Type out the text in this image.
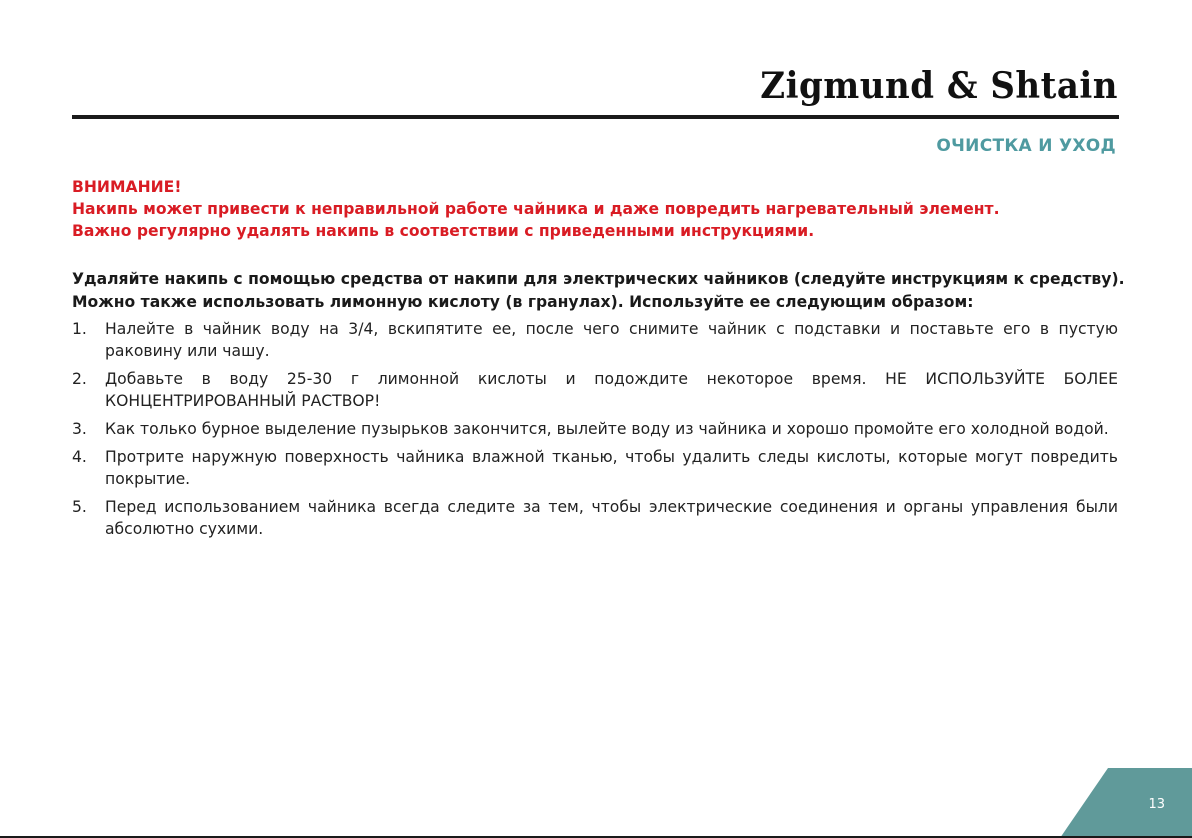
Zigmund & Shtain
ОЧИСТКА И УХОД
ВНИМАНИЕ!
Накипь может привести к неправильной работе чайника и даже повредить нагревательный элемент.
Важно регулярно удалять накипь в соответствии с приведенными инструкциями.
Удаляйте накипь с помощью средства от накипи для электрических чайников (следуйте инструкциям к средству).
Можно также использовать лимонную кислоту (в гранулах). Используйте ее следующим образом:
1. Налейте в чайник воду на 3/4, вскипятите ее, после чего снимите чайник с подставки и поставьте его в пустую раковину или чашу.
2. Добавьте в воду 25-30 г лимонной кислоты и подождите некоторое время. НЕ ИСПОЛЬЗУЙТЕ БОЛЕЕ КОНЦЕНТРИРОВАННЫЙ РАСТВОР!
3. Как только бурное выделение пузырьков закончится, вылейте воду из чайника и хорошо промойте его холодной водой.
4. Протрите наружную поверхность чайника влажной тканью, чтобы удалить следы кислоты, которые могут повредить покрытие.
5. Перед использованием чайника всегда следите за тем, чтобы электрические соединения и органы управления были абсолютно сухими.
13
